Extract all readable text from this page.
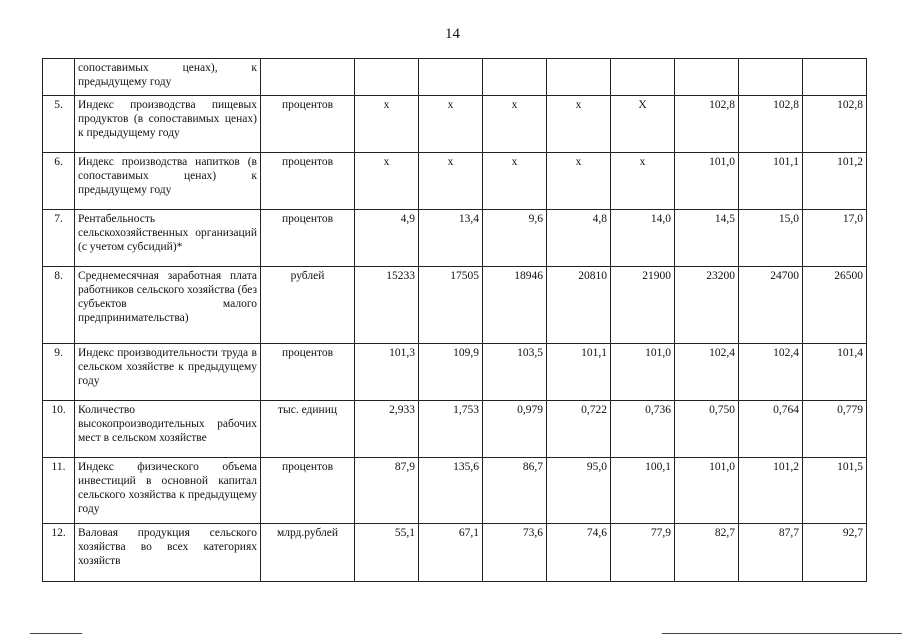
14
	сопоставимых ценах), к предыдущему году									
5.	Индекс производства пищевых продуктов (в сопоставимых ценах) к предыдущему году	процентов	х	х	х	х	Х	102,8	102,8	102,8
6.	Индекс производства напитков (в сопоставимых ценах) к предыдущему году	процентов	х	х	х	х	х	101,0	101,1	101,2
7.	Рентабельность сельскохозяйственных организаций (с учетом субсидий)*	процентов	4,9	13,4	9,6	4,8	14,0	14,5	15,0	17,0
8.	Среднемесячная заработная плата работников сельского хозяйства (без субъектов малого предпринимательства)	рублей	15233	17505	18946	20810	21900	23200	24700	26500
9.	Индекс производительности труда в сельском хозяйстве к предыдущему году	процентов	101,3	109,9	103,5	101,1	101,0	102,4	102,4	101,4
10.	Количество высокопроизводительных рабочих мест в сельском хозяйстве	тыс. единиц	2,933	1,753	0,979	0,722	0,736	0,750	0,764	0,779
11.	Индекс физического объема инвестиций в основной капитал сельского хозяйства к предыдущему году	процентов	87,9	135,6	86,7	95,0	100,1	101,0	101,2	101,5
12.	Валовая продукция сельского хозяйства во всех категориях хозяйств	млрд.рублей	55,1	67,1	73,6	74,6	77,9	82,7	87,7	92,7
